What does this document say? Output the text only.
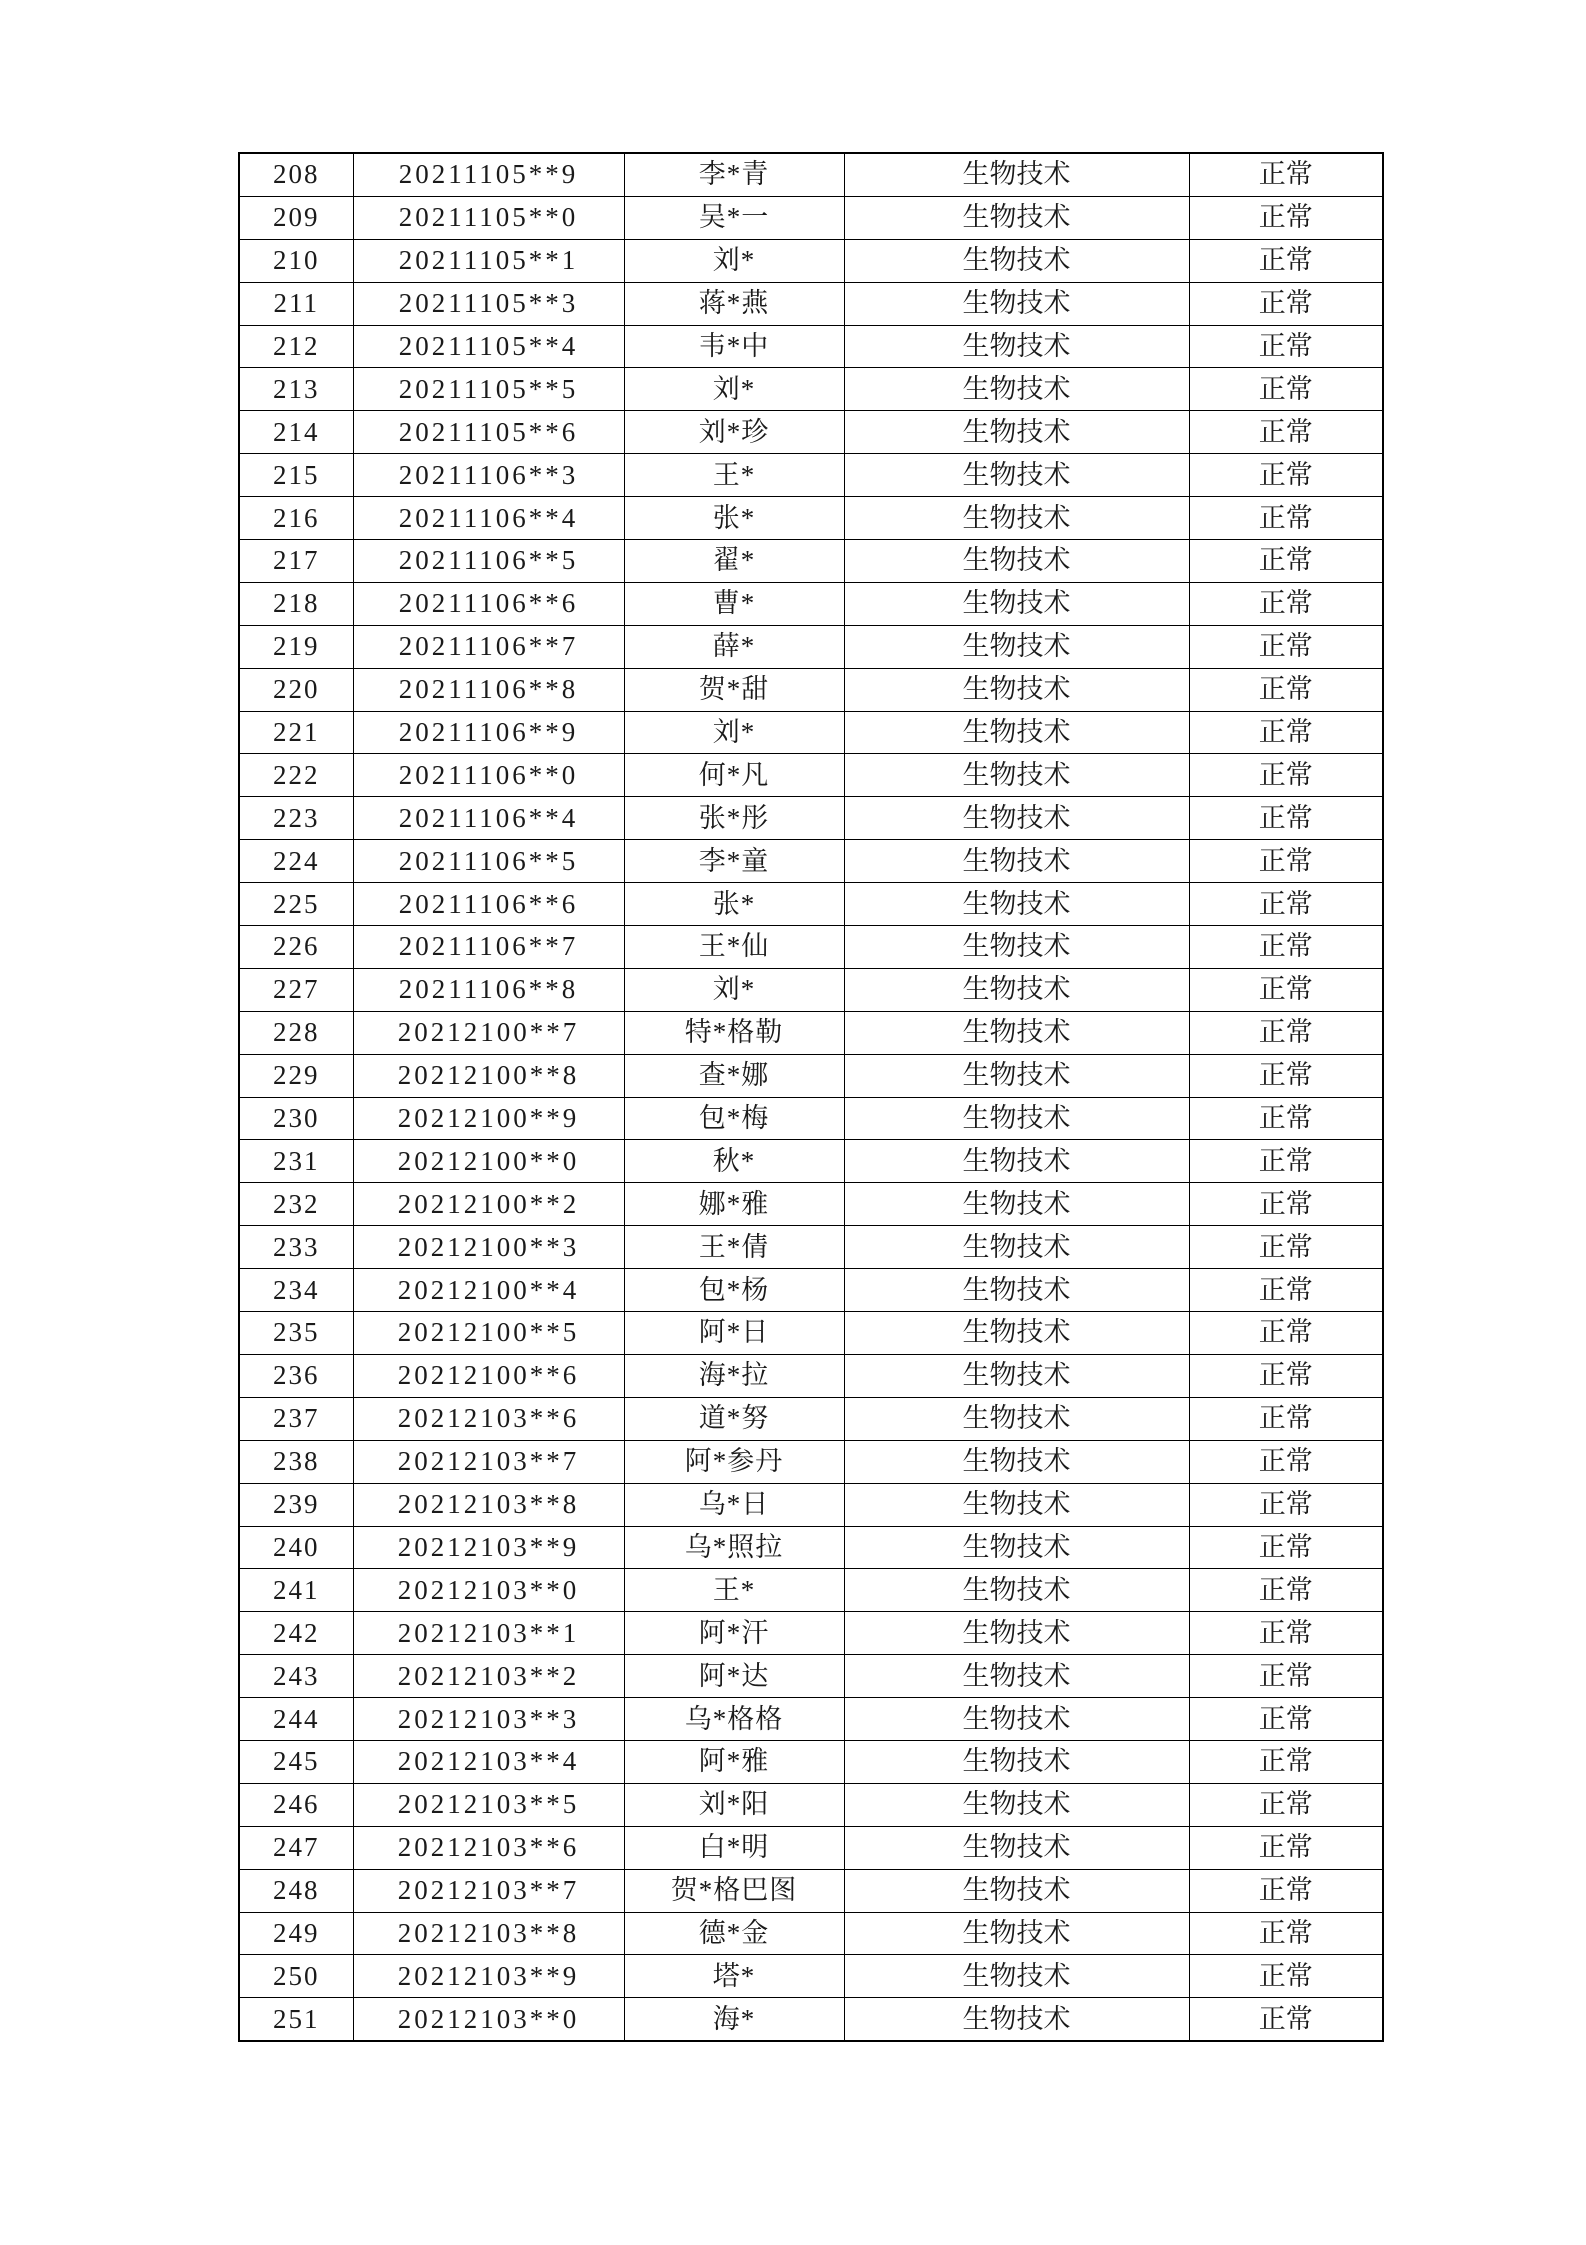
208	20211105**9	李*青	生物技术	正常
209	20211105**0	吴*一	生物技术	正常
210	20211105**1	刘*	生物技术	正常
211	20211105**3	蒋*燕	生物技术	正常
212	20211105**4	韦*中	生物技术	正常
213	20211105**5	刘*	生物技术	正常
214	20211105**6	刘*珍	生物技术	正常
215	20211106**3	王*	生物技术	正常
216	20211106**4	张*	生物技术	正常
217	20211106**5	翟*	生物技术	正常
218	20211106**6	曹*	生物技术	正常
219	20211106**7	薛*	生物技术	正常
220	20211106**8	贺*甜	生物技术	正常
221	20211106**9	刘*	生物技术	正常
222	20211106**0	何*凡	生物技术	正常
223	20211106**4	张*彤	生物技术	正常
224	20211106**5	李*童	生物技术	正常
225	20211106**6	张*	生物技术	正常
226	20211106**7	王*仙	生物技术	正常
227	20211106**8	刘*	生物技术	正常
228	20212100**7	特*格勒	生物技术	正常
229	20212100**8	查*娜	生物技术	正常
230	20212100**9	包*梅	生物技术	正常
231	20212100**0	秋*	生物技术	正常
232	20212100**2	娜*雅	生物技术	正常
233	20212100**3	王*倩	生物技术	正常
234	20212100**4	包*杨	生物技术	正常
235	20212100**5	阿*日	生物技术	正常
236	20212100**6	海*拉	生物技术	正常
237	20212103**6	道*努	生物技术	正常
238	20212103**7	阿*参丹	生物技术	正常
239	20212103**8	乌*日	生物技术	正常
240	20212103**9	乌*照拉	生物技术	正常
241	20212103**0	王*	生物技术	正常
242	20212103**1	阿*汗	生物技术	正常
243	20212103**2	阿*达	生物技术	正常
244	20212103**3	乌*格格	生物技术	正常
245	20212103**4	阿*雅	生物技术	正常
246	20212103**5	刘*阳	生物技术	正常
247	20212103**6	白*明	生物技术	正常
248	20212103**7	贺*格巴图	生物技术	正常
249	20212103**8	德*金	生物技术	正常
250	20212103**9	塔*	生物技术	正常
251	20212103**0	海*	生物技术	正常
